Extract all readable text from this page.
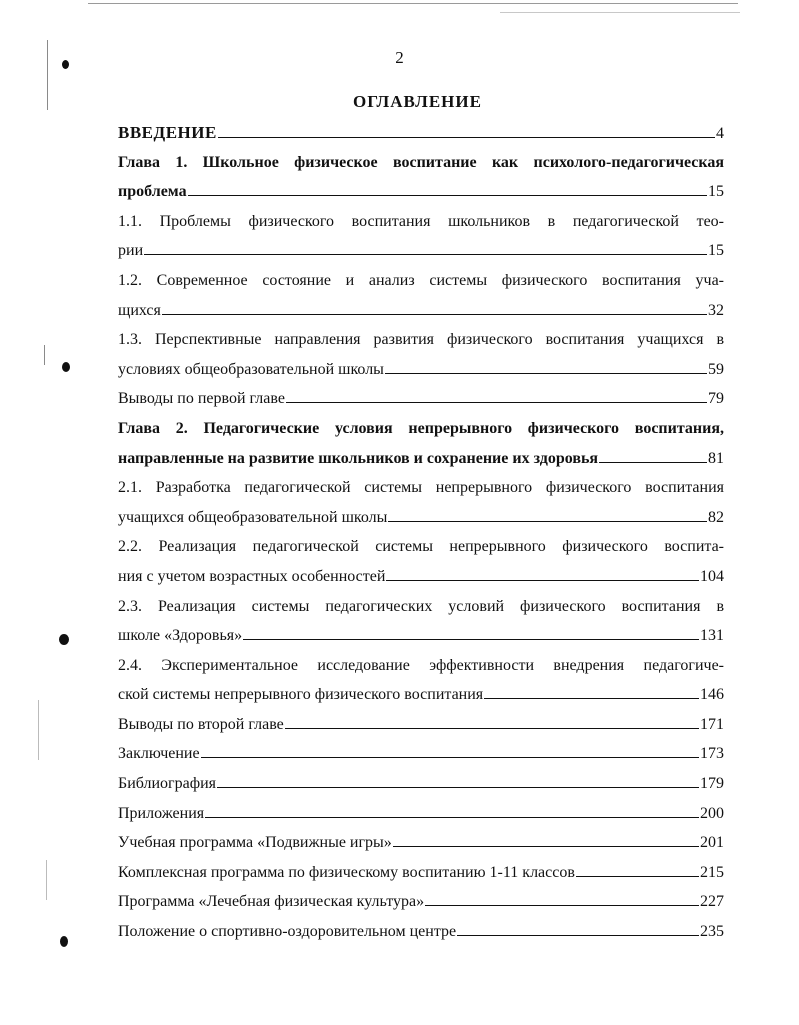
2
ОГЛАВЛЕНИЕ
ВВЕДЕНИЕ	4
Глава 1. Школьное физическое воспитание как психолого-педагогическая
проблема	15
1.1. Проблемы физического воспитания школьников в педагогической тео-
рии	15
1.2. Современное состояние и анализ системы физического воспитания уча-
щихся	32
1.3. Перспективные направления развития физического воспитания учащихся в
условиях общеобразовательной школы	59
Выводы по первой главе	79
Глава 2. Педагогические условия непрерывного физического воспитания,
направленные на развитие школьников и сохранение их здоровья	81
2.1. Разработка педагогической системы непрерывного физического воспитания
учащихся общеобразовательной школы	82
2.2. Реализация педагогической системы непрерывного физического воспита-
ния с учетом возрастных особенностей	104
2.3. Реализация системы педагогических условий физического воспитания в
школе «Здоровья»	131
2.4. Экспериментальное исследование эффективности внедрения педагогиче-
ской системы непрерывного физического воспитания	146
Выводы по второй главе	171
Заключение	173
Библиография	179
Приложения	200
Учебная программа «Подвижные игры»	201
Комплексная программа по физическому воспитанию 1-11 классов	215
Программа «Лечебная физическая культура»	227
Положение о спортивно-оздоровительном центре	235
